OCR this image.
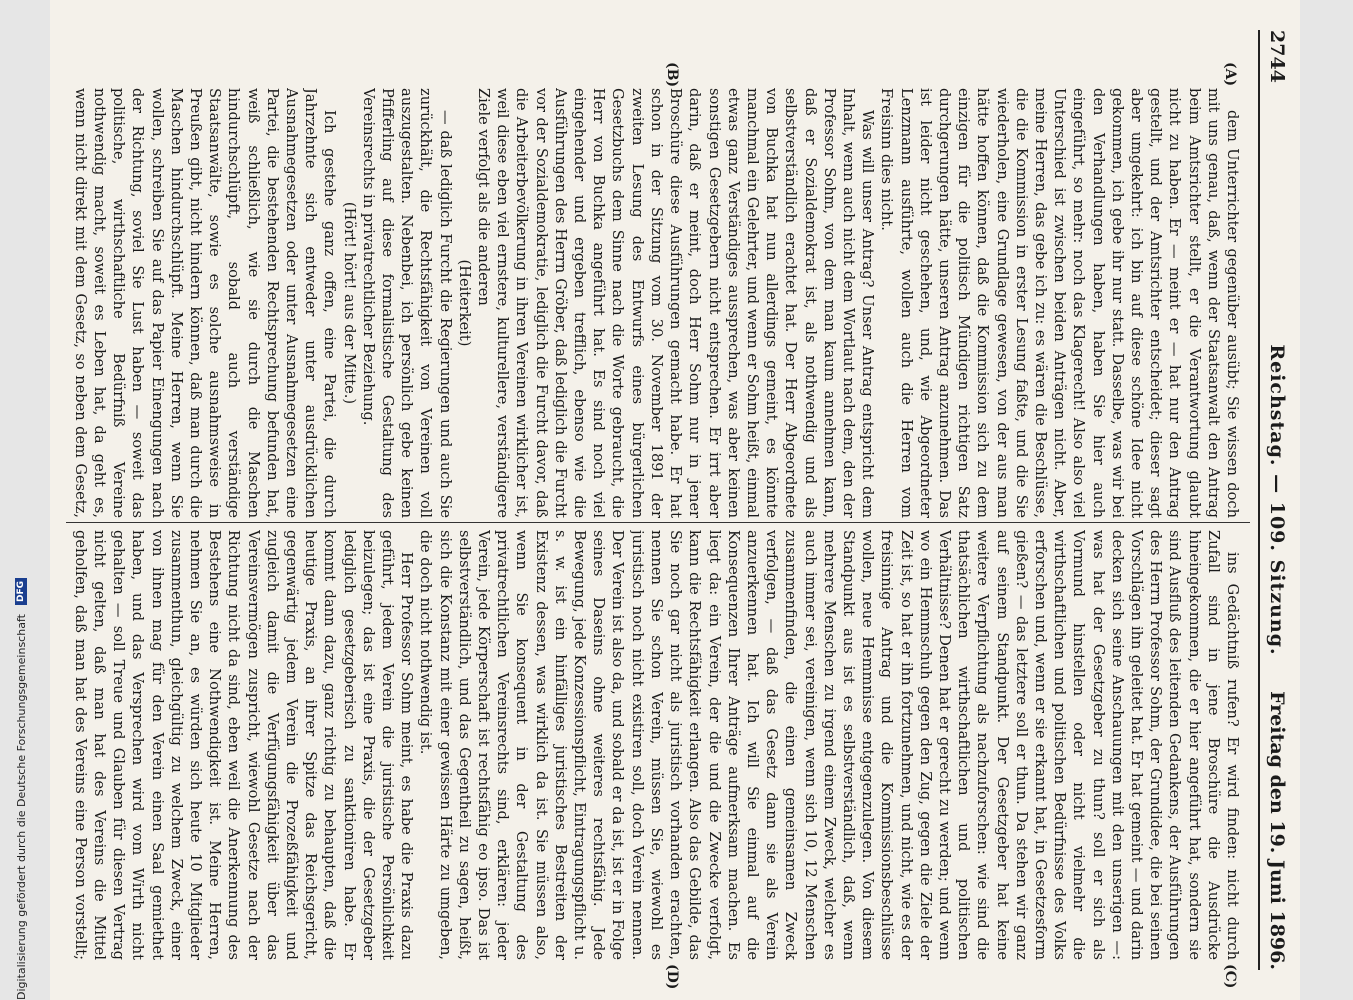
2744
Reichstag. — 109. Sitzung.
Freitag den 19. Juni 1896.
(A)
(B)
(C)
(D)

dem Unterrichter gegenüber ausübt; Sie wissen doch mit uns genau, daß, wenn der Staatsanwalt den Antrag beim Amtsrichter stellt, er die Verantwortung glaubt nicht zu haben. Er — meint er — hat nur den Antrag gestellt, und der Amtsrichter entscheidet; dieser sagt aber umgekehrt: ich bin auf diese schöne Idee nicht gekommen, ich gebe ihr nur statt. Dasselbe, was wir bei den Verhandlungen haben, haben Sie hier auch eingeführt, so mehr: noch das Klagerecht! Also also viel Unterschied ist zwischen beiden Anträgen nicht. Aber, meine Herren, das gebe ich zu: es wären die Beschlüsse, die die Kommission in erster Lesung faßte, und die Sie wiederholen, eine Grundlage gewesen, von der aus man hätte hoffen können, daß die Kommission sich zu dem einzigen für die politisch Mündigen richtigen Satz durchgerungen hätte, unseren Antrag anzunehmen. Das ist leider nicht geschehen, und, wie Abgeordneter Lenzmann ausführte, wollen auch die Herren vom Freisinn dies nicht.

Was will unser Antrag? Unser Antrag entspricht dem Inhalt, wenn auch nicht dem Wortlaut nach dem, den der Professor Sohm, von dem man kaum annehmen kann, daß er Sozialdemokrat ist, als nothwendig und als selbstverständlich erachtet hat. Der Herr Abgeordnete von Buchka hat nun allerdings gemeint, es könnte manchmal ein Gelehrter, und wenn er Sohm heißt, einmal etwas ganz Verständiges aussprechen, was aber keinen sonstigen Gesetzgebern nicht entsprechen. Er irrt aber darin, daß er meint, doch Herr Sohm nur in jener Broschüre diese Ausführungen gemacht habe. Er hat schon in der Sitzung vom 30. November 1891 der zweiten Lesung des Entwurfs eines bürgerlichen Gesetzbuchs dem Sinne nach die Worte gebraucht, die Herr von Buchka angeführt hat. Es sind noch viel eingehender und ergeben trefflich, ebenso wie die Ausführungen des Herrn Gröber, daß lediglich die Furcht vor der Sozialdemokratie, lediglich die Furcht davor, daß die Arbeiterbevölkerung in ihren Vereinen wirklicher ist, weil diese eben viel ernstere, kulturellere, verständigere Ziele verfolgt als die anderen

(Heiterkeit)

— daß lediglich Furcht die Regierungen und auch Sie zurückhält, die Rechtsfähigkeit von Vereinen voll auszugestalten. Nebenbei, ich persönlich gebe keinen Pfifferling auf diese formalistische Gestaltung des Vereinsrechts in privatrechtlicher Beziehung.

(Hört! hört! aus der Mitte.)

Ich gestehe ganz offen, eine Partei, die durch Jahrzehnte sich entweder unter ausdrücklichen Ausnahmegesetzen oder unter Ausnahmegesetzen eine Partei, die bestehenden Rechtsprechung befunden hat, weiß schließlich, wie sie durch die Maschen hindurchschlüpft, sobald auch verständige Staatsanwälte, sowie es solche ausnahmsweise in Preußen gibt, nicht hindern können, daß man durch die Maschen hindurchschlüpft. Meine Herren, wenn Sie wollen, schreiben Sie auf das Papier Einengungen nach der Richtung, soviel Sie Lust haben — soweit das politische, wirthschaftliche Bedürfniß Vereine nothwendig macht, soweit es Leben hat, da geht es, wenn nicht direkt mit dem Gesetz, so neben dem Gesetz,

ins Gedächtniß rufen? Er wird finden: nicht durch Zufall sind in jene Broschüre die Ausdrücke hineingekommen, die er hier angeführt hat, sondern sie sind Ausfluß des leitenden Gedankens, der Ausführungen des Herrn Professor Sohm, der Grundidee, die bei seinen Vorschlägen ihn geleitet hat. Er hat gemeint — und darin decken sich seine Anschauungen mit den unserigen —: was hat der Gesetzgeber zu thun? soll er sich als Vormund hinstellen oder nicht vielmehr die wirthschaftlichen und politischen Bedürfnisse des Volks erforschen und, wenn er sie erkannt hat, in Gesetzesform gießen? — das letztere soll er thun. Da stehen wir ganz auf seinem Standpunkt. Der Gesetzgeber hat keine weitere Verpflichtung als nachzuforschen: wie sind die thatsächlichen wirthschaftlichen und politischen Verhältnisse? Denen hat er gerecht zu werden; und wenn wo ein Hemmschuh gegen den Zug, gegen die Ziele der Zeit ist, so hat er ihn fortzunehmen, und nicht, wie es der freisinnige Antrag und die Kommissionsbeschlüsse wollen, neue Hemmnisse entgegenzulegen. Von diesem Standpunkt aus ist es selbstverständlich, daß, wenn mehrere Menschen zu irgend einem Zweck, welcher es auch immer sei, vereinigen, wenn sich 10, 12 Menschen zusammenfinden, die einen gemeinsamen Zweck verfolgen, — daß das Gesetz dann sie als Verein anzuerkennen hat. Ich will Sie einmal auf die Konsequenzen Ihrer Anträge aufmerksam machen. Es liegt da: ein Verein, der die und die Zwecke verfolgt, kann die Rechtsfähigkeit erlangen. Also das Gebilde, das Sie noch gar nicht als juristisch vorhanden erachten, nennen Sie schon Verein, müssen Sie, wiewohl es juristisch noch nicht existiren soll, doch Verein nennen. Der Verein ist also da, und sobald er da ist, ist er in Folge seines Daseins ohne weiteres rechtsfähig. Jede Bewegung, jede Konzessionspflicht, Eintragungspflicht u. s. w. ist ein hinfälliges juristisches Bestreiten der Existenz dessen, was wirklich da ist. Sie müssen also, wenn Sie konsequent in der Gestaltung des privatrechtlichen Vereinsrechts sind, erklären: jeder Verein, jede Körperschaft ist rechtsfähig eo ipso. Das ist selbstverständlich, und das Gegentheil zu sagen, heißt, sich die Konstanz mit einer gewissen Härte zu umgeben, die doch nicht nothwendig ist.

Herr Professor Sohm meint, es habe die Praxis dazu geführt, jedem Verein die juristische Persönlichkeit beizulegen; das ist eine Praxis, die der Gesetzgeber lediglich gesetzgeberisch zu sanktioniren habe. Er kommt dann dazu, ganz richtig zu behaupten, daß die heutige Praxis, an ihrer Spitze das Reichsgericht, gegenwärtig jedem Verein die Prozeßfähigkeit und zugleich damit die Verfügungsfähigkeit über das Vereinsvermögen zuspricht, wiewohl Gesetze nach der Richtung nicht da sind, eben weil die Anerkennung des Bestehens eine Nothwendigkeit ist. Meine Herren, nehmen Sie an, es würden sich heute 10 Mitglieder zusammenthun, gleichgültig zu welchem Zweck, einer von ihnen mag für den Verein einen Saal gemiethet haben, und das Versprechen wird vom Wirth nicht gehalten — soll Treue und Glauben für diesen Vertrag nicht gelten, daß man hat des Vereins die Mittel geholfen, daß man hat des Vereins eine Person vorstellt;

Digitalisierung gefördert durch die Deutsche Forschungsgemeinschaft DFG
